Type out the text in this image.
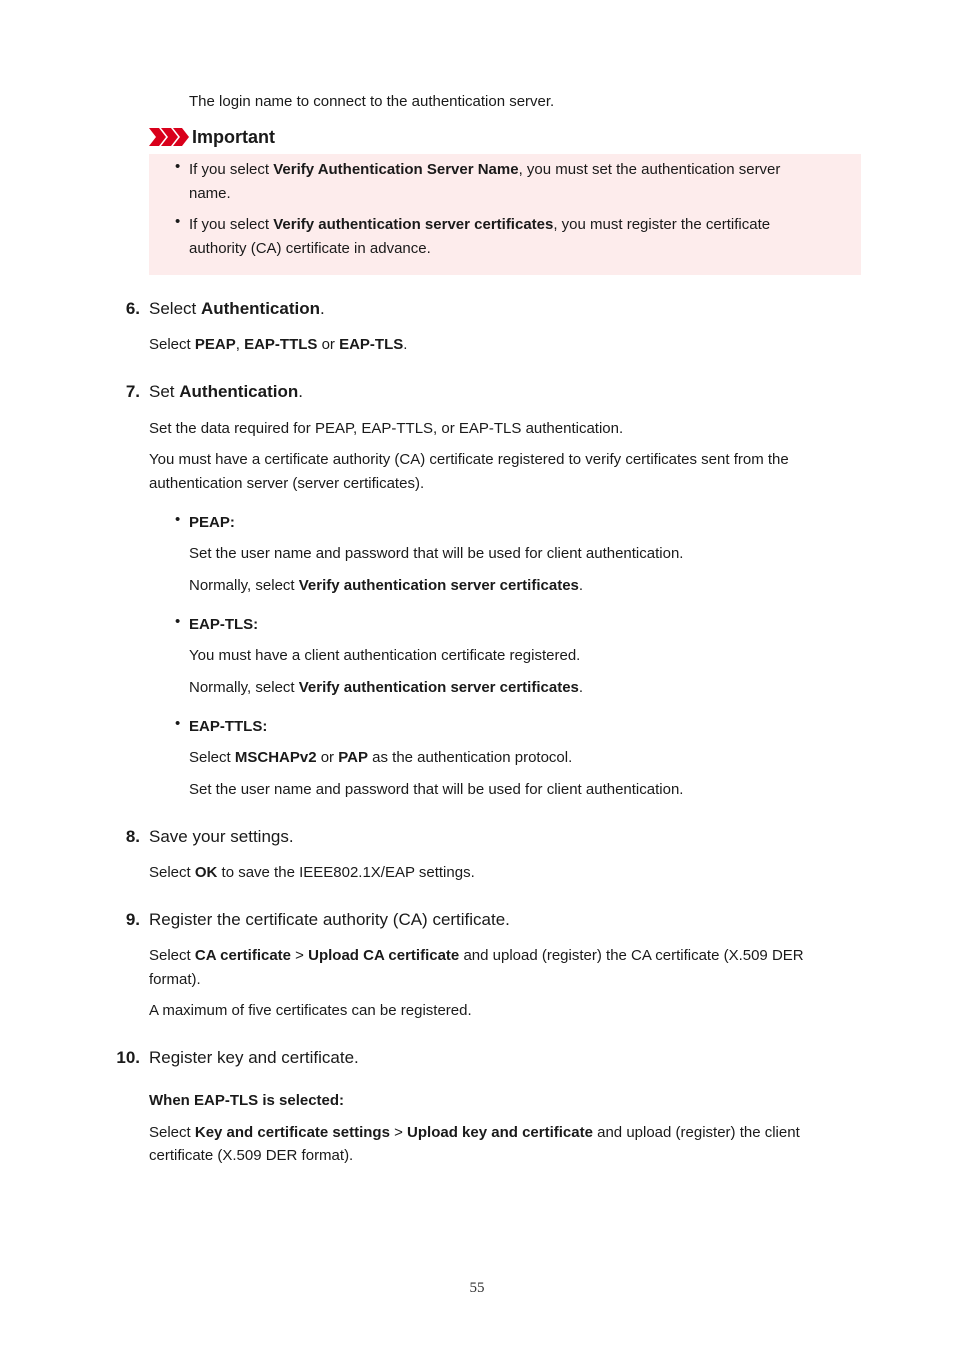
The login name to connect to the authentication server.
Important
• If you select Verify Authentication Server Name, you must set the authentication server
name.
• If you select Verify authentication server certificates, you must register the certificate
authority (CA) certificate in advance.
6. Select Authentication.
Select PEAP, EAP-TTLS or EAP-TLS.
7. Set Authentication.
Set the data required for PEAP, EAP-TTLS, or EAP-TLS authentication.
You must have a certificate authority (CA) certificate registered to verify certificates sent from the
authentication server (server certificates).
• PEAP:
Set the user name and password that will be used for client authentication.
Normally, select Verify authentication server certificates.
• EAP-TLS:
You must have a client authentication certificate registered.
Normally, select Verify authentication server certificates.
• EAP-TTLS:
Select MSCHAPv2 or PAP as the authentication protocol.
Set the user name and password that will be used for client authentication.
8. Save your settings.
Select OK to save the IEEE802.1X/EAP settings.
9. Register the certificate authority (CA) certificate.
Select CA certificate > Upload CA certificate and upload (register) the CA certificate (X.509 DER
format).
A maximum of five certificates can be registered.
10. Register key and certificate.
When EAP-TLS is selected:
Select Key and certificate settings > Upload key and certificate and upload (register) the client
certificate (X.509 DER format).
55
